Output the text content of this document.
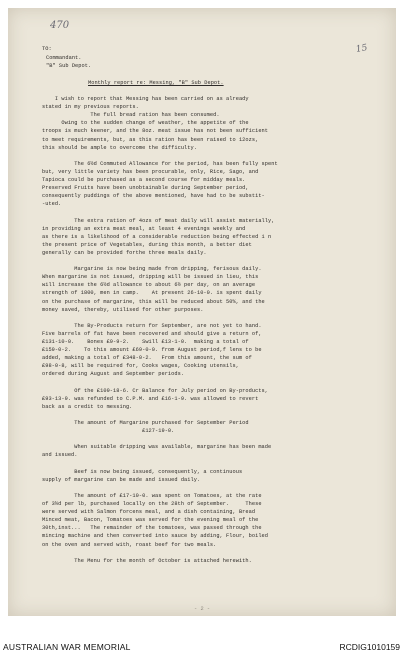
470
15
TO:
Commandant.
"B" Sub Depot.
Monthly report re: Messing, "B" Sub Depot.
I wish to report that Messing has been carried on as already
stated in my previous reports.
The full bread ration has been consumed.
Owing to the sudden change of weather, the appetite of the
troops is much keener, and the 8oz. meat issue has not been sufficient
to meet requirements, but, as this ration has been raised to 12ozs,
this should be ample to overcome the difficulty.
The 6½d Commuted Allowance for the period, has been fully spent
but, very little variety has been procurable, only, Rice, Sago, and
Tapioca could be purchased as a second course for midday meals.
Preserved Fruits have been unobtainable during September period,
consequently puddings of the above mentioned, have had to be substit-
-uted.
The extra ration of 4ozs of meat daily will assist materially,
in providing an extra meat meal, at least 4 evenings weekly and
as there is a likelihood of a considerable reduction being effected i n
the present price of Vegetables, during this month, a better diet
generally can be provided forthe three meals daily.
Margarine is now being made from dripping, ferisous daily.
When margarine is not issued, dripping will be issued in lieu, this
will increase the 6½d allowance to about 6½ per day, on an average
strength of 1800, men in camp.    At present 26-10-0. is spent daily
on the purchase of margarine, this will be reduced about 50%, and the
money saved, thereby, utilised for other purposes.
The By-Products return for September, are not yet to hand.
Five barrels of fat have been recovered and should give a return of,
£131-10-0.    Bones £9-9-2.    Swill £13-1-0.  making a total of
£159-0-2.    To this amount £69-0-0. from August period,f lens to be
added, making a total of £348-0-2.   From this amount, the sum of
£98-0-8, will be required for, Cooks wages, Cooking utensils,
ordered during August and September periods.
Of the £109-18-6. Cr Balance for July period on By-products,
£93-13-9. was refunded to C.P.M. and £16-1-9. was allowed to revert
back as a credit to messing.
The amount of Margarine purchased for September Period
£127-19-0.
When suitable dripping was available, margarine has been made
and issued.
Beef is now being issued, consequently, a continuous
supply of margarine can be made and issued daily.
The amount of £17-10-0. was spent on Tomatoes, at the rate
of 3½d per lb, purchased locally on the 28th of September.     These
were served with Salmon forcens meal, and a dish containing, Bread
Minced meat, Bacon, Tomatoes was served for the evening meal of the
30th,inst...   The remainder of the tomatoes, was passed through the
mincing machine and then converted into sauce by adding, Flour, boiled
on the oven and served with, roast beef for two meals.
The Menu for the month of October is attached herewith.
- 2 -
AUSTRALIAN WAR MEMORIAL	RCDIG1010159
